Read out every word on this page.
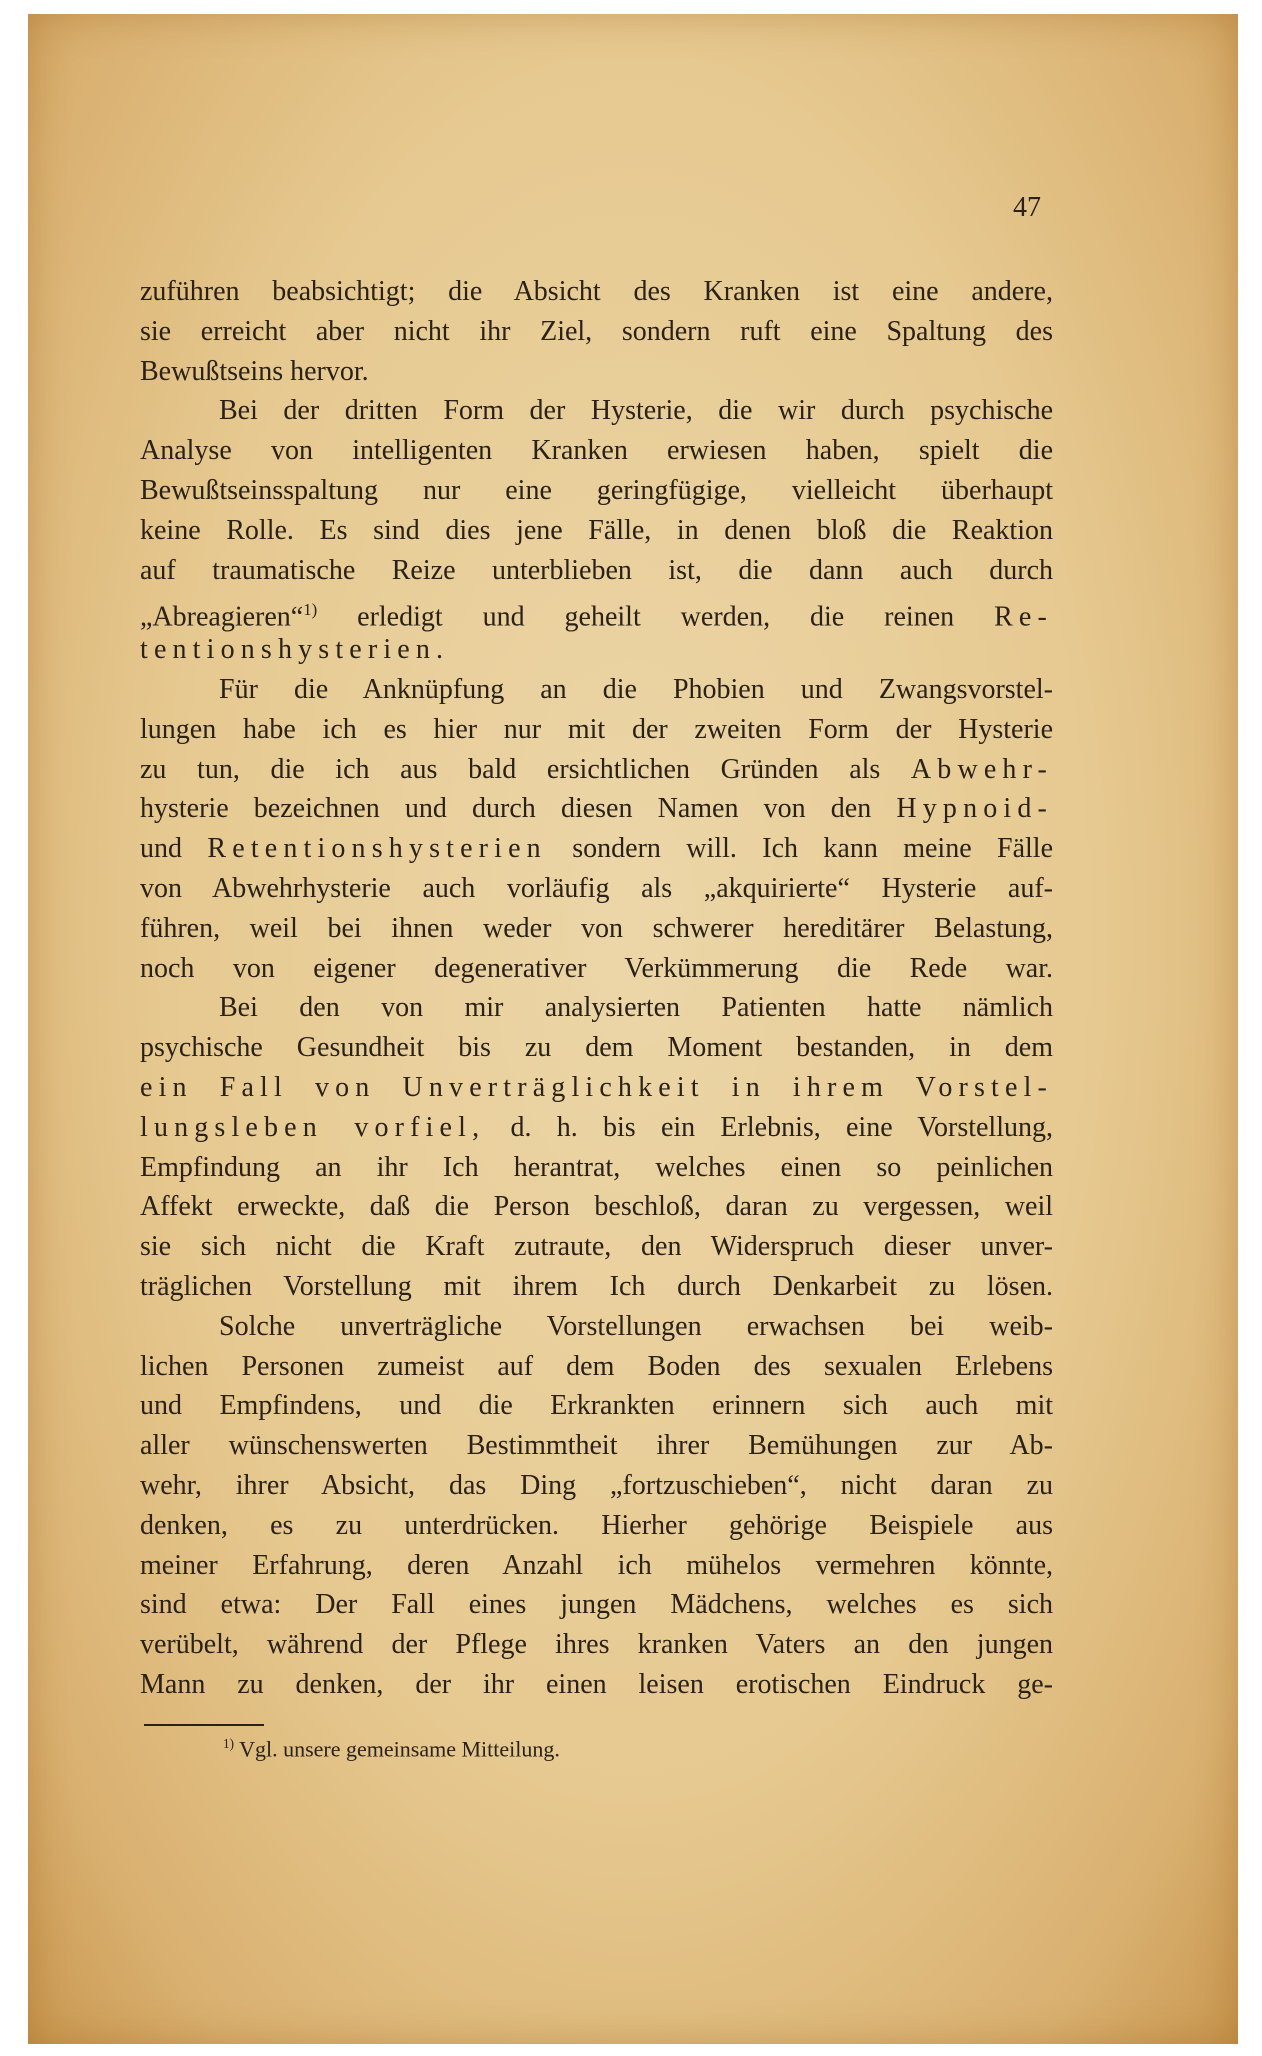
47
zuführen beabsichtigt; die Absicht des Kranken ist eine andere,
sie erreicht aber nicht ihr Ziel, sondern ruft eine Spaltung des
Bewußtseins hervor.
Bei der dritten Form der Hysterie, die wir durch psychische
Analyse von intelligenten Kranken erwiesen haben, spielt die
Bewußtseinsspaltung nur eine geringfügige, vielleicht überhaupt
keine Rolle. Es sind dies jene Fälle, in denen bloß die Reaktion
auf traumatische Reize unterblieben ist, die dann auch durch
„Abreagieren“$^{1)}$ erledigt und geheilt werden, die reinen Re-
tentionshysterien.
Für die Anknüpfung an die Phobien und Zwangsvorstel-
lungen habe ich es hier nur mit der zweiten Form der Hysterie
zu tun, die ich aus bald ersichtlichen Gründen als Abwehr-
hysterie bezeichnen und durch diesen Namen von den Hypnoid-
und Retentionshysterien sondern will. Ich kann meine Fälle
von Abwehrhysterie auch vorläufig als „akquirierte“ Hysterie auf-
führen, weil bei ihnen weder von schwerer hereditärer Belastung,
noch von eigener degenerativer Verkümmerung die Rede war.
Bei den von mir analysierten Patienten hatte nämlich
psychische Gesundheit bis zu dem Moment bestanden, in dem
ein Fall von Unverträglichkeit in ihrem Vorstel-
lungsleben vorfiel, d. h. bis ein Erlebnis, eine Vorstellung,
Empfindung an ihr Ich herantrat, welches einen so peinlichen
Affekt erweckte, daß die Person beschloß, daran zu vergessen, weil
sie sich nicht die Kraft zutraute, den Widerspruch dieser unver-
träglichen Vorstellung mit ihrem Ich durch Denkarbeit zu lösen.
Solche unverträgliche Vorstellungen erwachsen bei weib-
lichen Personen zumeist auf dem Boden des sexualen Erlebens
und Empfindens, und die Erkrankten erinnern sich auch mit
aller wünschenswerten Bestimmtheit ihrer Bemühungen zur Ab-
wehr, ihrer Absicht, das Ding „fortzuschieben“, nicht daran zu
denken, es zu unterdrücken. Hierher gehörige Beispiele aus
meiner Erfahrung, deren Anzahl ich mühelos vermehren könnte,
sind etwa: Der Fall eines jungen Mädchens, welches es sich
verübelt, während der Pflege ihres kranken Vaters an den jungen
Mann zu denken, der ihr einen leisen erotischen Eindruck ge-
$^{1)}$ Vgl. unsere gemeinsame Mitteilung.
